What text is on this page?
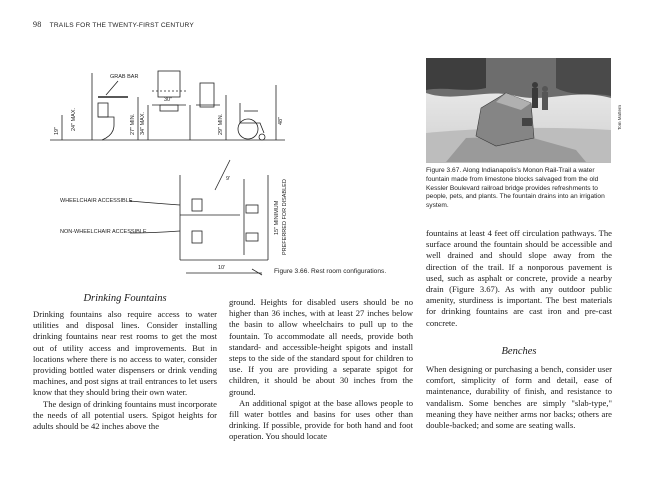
98 TRAILS FOR THE TWENTY-FIRST CENTURY
GRAB BAR
24" MAX.	27" MIN.
30"
34" MAX.
19"	29" MIN.	48"
WHEELCHAIR ACCESSIBLE
NON-WHEELCHAIR ACCESSIBLE
10'
9'
15" MINIMUM PREFERRED FOR DISABLED
Figure 3.66. Rest room configurations.
Tom Mattern
Figure 3.67. Along Indianapolis's Monon Rail-Trail a water fountain made from limestone blocks salvaged from the old Kessler Boulevard railroad bridge provides refreshments to people, pets, and plants. The fountain drains into an irrigation system.
Drinking Fountains

Drinking fountains also require access to water utilities and disposal lines. Consider installing drinking fountains near rest rooms to get the most out of utility access and improvements. But in locations where there is no access to water, consider providing bottled water dispensers or drink vending machines, and post signs at trail entrances to let users know that they should bring their own water.

The design of drinking fountains must incorporate the needs of all potential users. Spigot heights for adults should be 42 inches above the

ground. Heights for disabled users should be no higher than 36 inches, with at least 27 inches below the basin to allow wheelchairs to pull up to the fountain. To accommodate all needs, provide both standard- and accessible-height spigots and install steps to the side of the standard spout for children to use. If you are providing a separate spigot for children, it should be about 30 inches from the ground.

An additional spigot at the base allows people to fill water bottles and basins for uses other than drinking. If possible, provide for both hand and foot operation. You should locate

fountains at least 4 feet off circulation pathways. The surface around the fountain should be accessible and well drained and should slope away from the direction of the trail. If a nonporous pavement is used, such as asphalt or concrete, provide a nearby drain (Figure 3.67). As with any outdoor public amenity, sturdiness is important. The best materials for drinking fountains are cast iron and pre-cast concrete.

Benches

When designing or purchasing a bench, consider user comfort, simplicity of form and detail, ease of maintenance, durability of finish, and resistance to vandalism. Some benches are simply "slab-type," meaning they have neither arms nor backs; others are double-backed; and some are seating walls.
